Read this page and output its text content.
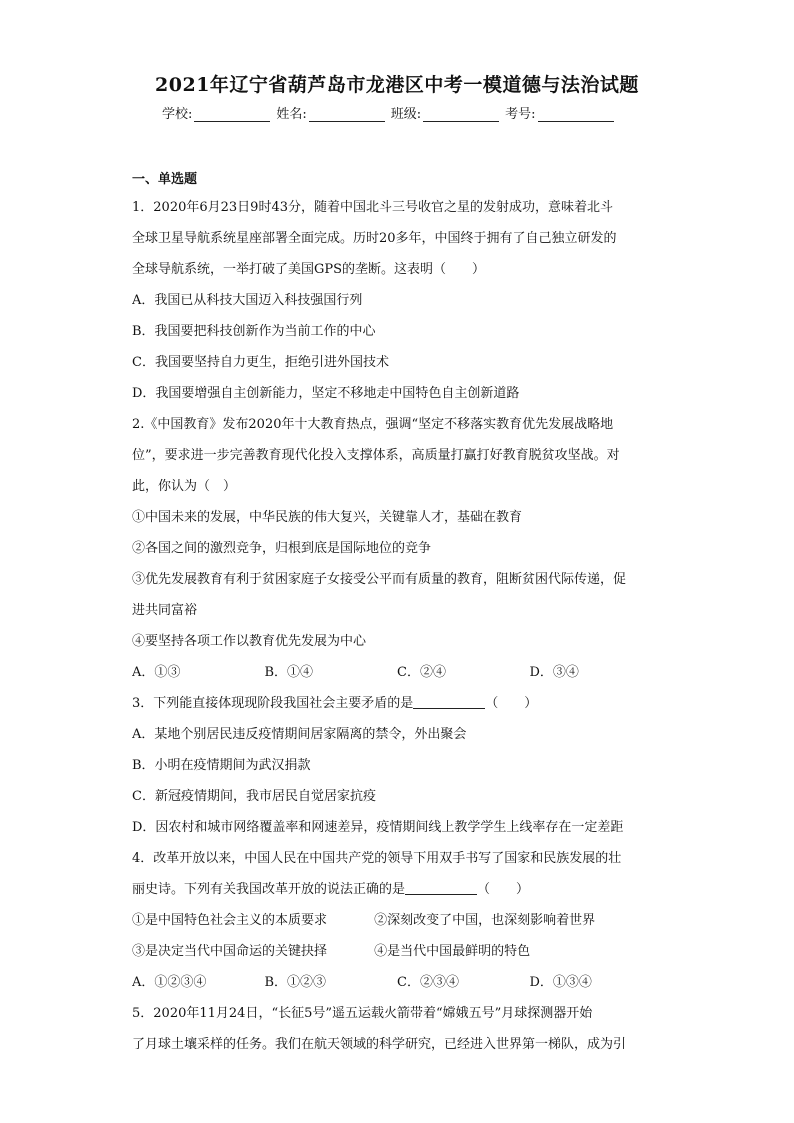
2021年辽宁省葫芦岛市龙港区中考一模道德与法治试题
学校:	姓名:	班级:	考号:
一、单选题
1．2020年6月23日9时43分，随着中国北斗三号收官之星的发射成功，意味着北斗
全球卫星导航系统星座部署全面完成。历时20多年，中国终于拥有了自己独立研发的
全球导航系统，一举打破了美国GPS的垄断。这表明（　　）
A．我国已从科技大国迈入科技强国行列
B．我国要把科技创新作为当前工作的中心
C．我国要坚持自力更生，拒绝引进外国技术
D．我国要增强自主创新能力，坚定不移地走中国特色自主创新道路
2.《中国教育》发布2020年十大教育热点，强调“坚定不移落实教育优先发展战略地
位”，要求进一步完善教育现代化投入支撑体系，高质量打赢打好教育脱贫攻坚战。对
此，你认为（　）
①中国未来的发展，中华民族的伟大复兴，关键靠人才，基础在教育
②各国之间的激烈竞争，归根到底是国际地位的竞争
③优先发展教育有利于贫困家庭子女接受公平而有质量的教育，阻断贫困代际传递，促
进共同富裕
④要坚持各项工作以教育优先发展为中心
A．①③	B．①④	C．②④	D．③④
3．下列能直接体现现阶段我国社会主要矛盾的是	（　　）
A．某地个别居民违反疫情期间居家隔离的禁令，外出聚会
B．小明在疫情期间为武汉捐款
C．新冠疫情期间，我市居民自觉居家抗疫
D．因农村和城市网络覆盖率和网速差异，疫情期间线上教学学生上线率存在一定差距
4．改革开放以来，中国人民在中国共产党的领导下用双手书写了国家和民族发展的壮
丽史诗。下列有关我国改革开放的说法正确的是	（　　）
①是中国特色社会主义的本质要求	②深刻改变了中国，也深刻影响着世界
③是决定当代中国命运的关键抉择	④是当代中国最鲜明的特色
A．①②③④	B．①②③	C．②③④	D．①③④
5．2020年11月24日，“长征5号”遥五运载火箭带着“嫦娥五号”月球探测器开始
了月球土壤采样的任务。我们在航天领域的科学研究，已经进入世界第一梯队，成为引
